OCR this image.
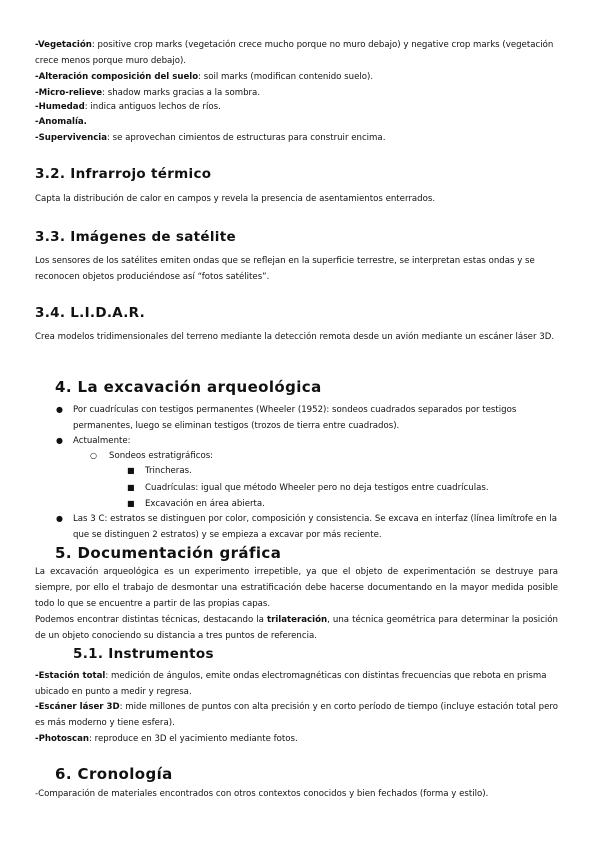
-Vegetación: positive crop marks (vegetación crece mucho porque no muro debajo) y negative crop marks (vegetación crece menos porque muro debajo).

-Alteración composición del suelo: soil marks (modifican contenido suelo).

-Micro-relieve: shadow marks gracias a la sombra.

-Humedad: indica antiguos lechos de ríos.

-Anomalía.

-Supervivencia: se aprovechan cimientos de estructuras para construir encima.

3.2. Infrarrojo térmico

Capta la distribución de calor en campos y revela la presencia de asentamientos enterrados.

3.3. Imágenes de satélite

Los sensores de los satélites emiten ondas que se reflejan en la superficie terrestre, se interpretan estas ondas y se reconocen objetos produciéndose así “fotos satélites”.

3.4. L.I.D.A.R.

Crea modelos tridimensionales del terreno mediante la detección remota desde un avión mediante un escáner láser 3D.

4. La excavación arqueológica
● Por cuadrículas con testigos permanentes (Wheeler (1952): sondeos cuadrados separados por testigos permanentes, luego se eliminan testigos (trozos de tierra entre cuadrados).

● Actualmente:

○ Sondeos estratigráficos:

■ Trincheras.

■ Cuadrículas: igual que método Wheeler pero no deja testigos entre cuadrículas.

■ Excavación en área abierta.

● Las 3 C: estratos se distinguen por color, composición y consistencia. Se excava en interfaz (línea limítrofe en la que se distinguen 2 estratos) y se empieza a excavar por más reciente.

5. Documentación gráfica

La excavación arqueológica es un experimento irrepetible, ya que el objeto de experimentación se destruye para siempre, por ello el trabajo de desmontar una estratificación debe hacerse documentando en la mayor medida posible todo lo que se encuentre a partir de las propias capas.

Podemos encontrar distintas técnicas, destacando la trilateración, una técnica geométrica para determinar la posición de un objeto conociendo su distancia a tres puntos de referencia.

5.1. Instrumentos

-Estación total: medición de ángulos, emite ondas electromagnéticas con distintas frecuencias que rebota en prisma ubicado en punto a medir y regresa.

-Escáner láser 3D: mide millones de puntos con alta precisión y en corto período de tiempo (incluye estación total pero es más moderno y tiene esfera).

-Photoscan: reproduce en 3D el yacimiento mediante fotos.

6. Cronología

-Comparación de materiales encontrados con otros contextos conocidos y bien fechados (forma y estilo).
